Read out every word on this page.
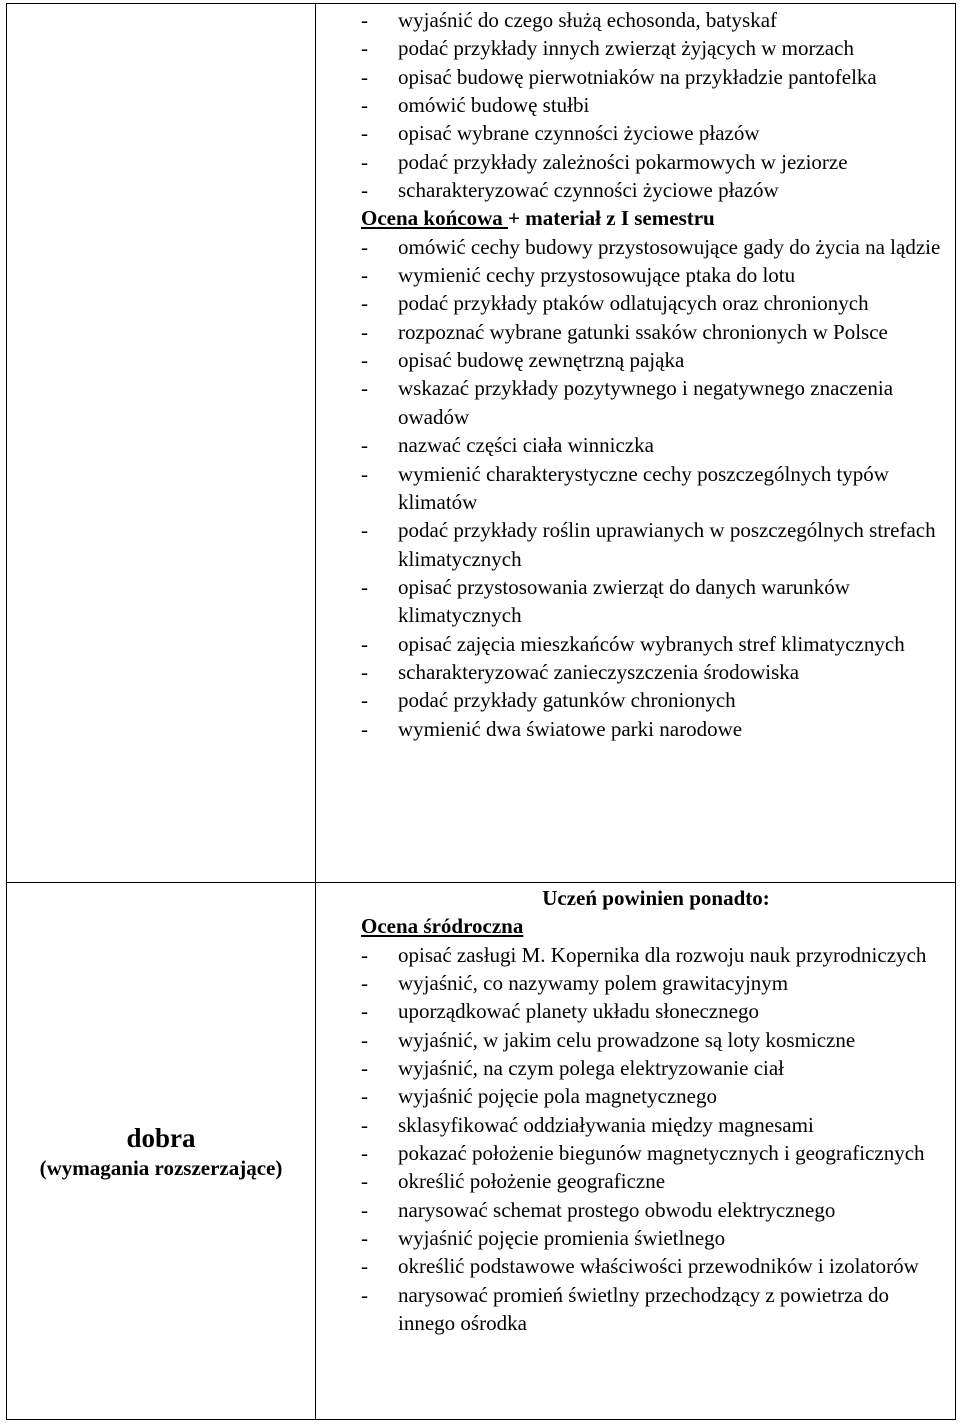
dobra
(wymagania rozszerzające)
- wyjaśnić do czego służą echosonda, batyskaf
- podać przykłady innych zwierząt żyjących w morzach
- opisać budowę pierwotniaków na przykładzie pantofelka
- omówić budowę stułbi
- opisać wybrane czynności życiowe płazów
- podać przykłady zależności pokarmowych w jeziorze
- scharakteryzować czynności życiowe płazów
Ocena końcowa + materiał z I semestru
- omówić cechy budowy przystosowujące gady do życia na lądzie
- wymienić cechy przystosowujące ptaka do lotu
- podać przykłady ptaków odlatujących oraz chronionych
- rozpoznać wybrane gatunki ssaków chronionych w Polsce
- opisać budowę zewnętrzną pająka
- wskazać przykłady pozytywnego i negatywnego znaczenia owadów
- nazwać części ciała winniczka
- wymienić charakterystyczne cechy poszczególnych typów klimatów
- podać przykłady roślin uprawianych w poszczególnych strefach klimatycznych
- opisać przystosowania zwierząt do danych warunków klimatycznych
- opisać zajęcia mieszkańców wybranych stref klimatycznych
- scharakteryzować zanieczyszczenia środowiska
- podać przykłady gatunków chronionych
- wymienić dwa światowe parki narodowe
Uczeń powinien ponadto:
Ocena śródroczna
- opisać zasługi M. Kopernika dla rozwoju nauk przyrodniczych
- wyjaśnić, co nazywamy polem grawitacyjnym
- uporządkować planety układu słonecznego
- wyjaśnić, w jakim celu prowadzone są loty kosmiczne
- wyjaśnić, na czym polega elektryzowanie ciał
- wyjaśnić pojęcie pola magnetycznego
- sklasyfikować oddziaływania między magnesami
- pokazać położenie biegunów magnetycznych i geograficznych
- określić położenie geograficzne
- narysować schemat prostego obwodu elektrycznego
- wyjaśnić pojęcie promienia świetlnego
- określić podstawowe właściwości przewodników i izolatorów
- narysować promień świetlny przechodzący z powietrza do innego ośrodka
